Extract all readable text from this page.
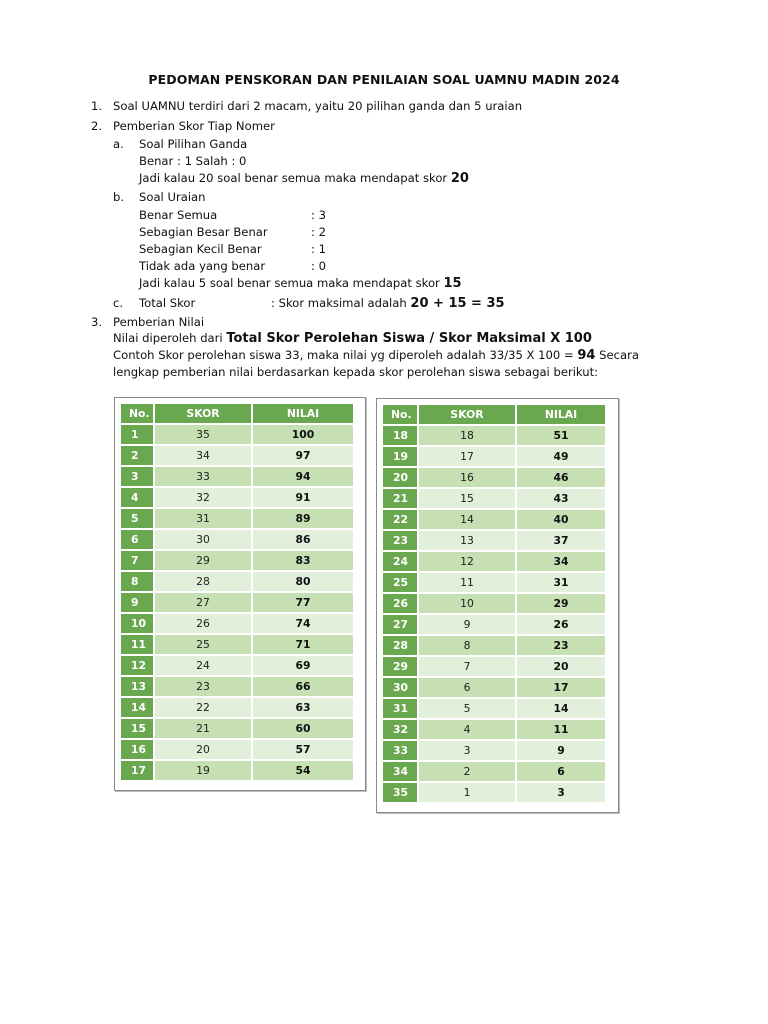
PEDOMAN PENSKORAN DAN PENILAIAN SOAL UAMNU MADIN 2024
1. Soal UAMNU terdiri dari 2 macam, yaitu 20 pilihan ganda dan 5 uraian
2. Pemberian Skor Tiap Nomer
a. Soal Pilihan Ganda
Benar : 1 Salah : 0
Jadi kalau 20 soal benar semua maka mendapat skor 20
b. Soal Uraian
Benar Semua	: 3
Sebagian Besar Benar	: 2
Sebagian Kecil Benar	: 1
Tidak ada yang benar	: 0
Jadi kalau 5 soal benar semua maka mendapat skor 15
c. Total Skor	: Skor maksimal adalah 20 + 15 = 35
3. Pemberian Nilai
Nilai diperoleh dari Total Skor Perolehan Siswa / Skor Maksimal X 100
Contoh Skor perolehan siswa 33, maka nilai yg diperoleh adalah 33/35 X 100 = 94 Secara
lengkap pemberian nilai berdasarkan kepada skor perolehan siswa sebagai berikut:
No.	SKOR	NILAI
1	35	100
2	34	97
3	33	94
4	32	91
5	31	89
6	30	86
7	29	83
8	28	80
9	27	77
10	26	74
11	25	71
12	24	69
13	23	66
14	22	63
15	21	60
16	20	57
17	19	54
No.	SKOR	NILAI
18	18	51
19	17	49
20	16	46
21	15	43
22	14	40
23	13	37
24	12	34
25	11	31
26	10	29
27	9	26
28	8	23
29	7	20
30	6	17
31	5	14
32	4	11
33	3	9
34	2	6
35	1	3
